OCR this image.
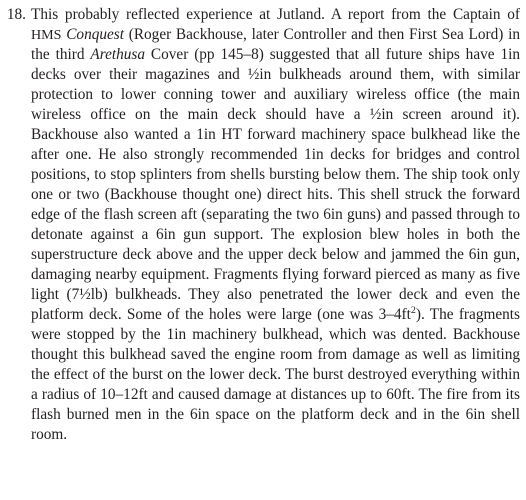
18. This probably reflected experience at Jutland. A report from the Captain of HMS Conquest (Roger Backhouse, later Controller and then First Sea Lord) in the third Arethusa Cover (pp 145–8) suggested that all future ships have 1in decks over their magazines and ½in bulkheads around them, with similar protection to lower conning tower and auxiliary wireless office (the main wireless office on the main deck should have a ½in screen around it). Backhouse also wanted a 1in HT forward machinery space bulkhead like the after one. He also strongly recommended 1in decks for bridges and control positions, to stop splinters from shells bursting below them. The ship took only one or two (Backhouse thought one) direct hits. This shell struck the forward edge of the flash screen aft (separating the two 6in guns) and passed through to detonate against a 6in gun support. The explosion blew holes in both the superstructure deck above and the upper deck below and jammed the 6in gun, damaging nearby equipment. Fragments flying forward pierced as many as five light (7½lb) bulkheads. They also penetrated the lower deck and even the platform deck. Some of the holes were large (one was $3-4ft^2$). The fragments were stopped by the 1in machinery bulkhead, which was dented. Backhouse thought this bulkhead saved the engine room from damage as well as limiting the effect of the burst on the lower deck. The burst destroyed everything within a radius of 10–12ft and caused damage at distances up to 60ft. The fire from its flash burned men in the 6in space on the platform deck and in the 6in shell room.
